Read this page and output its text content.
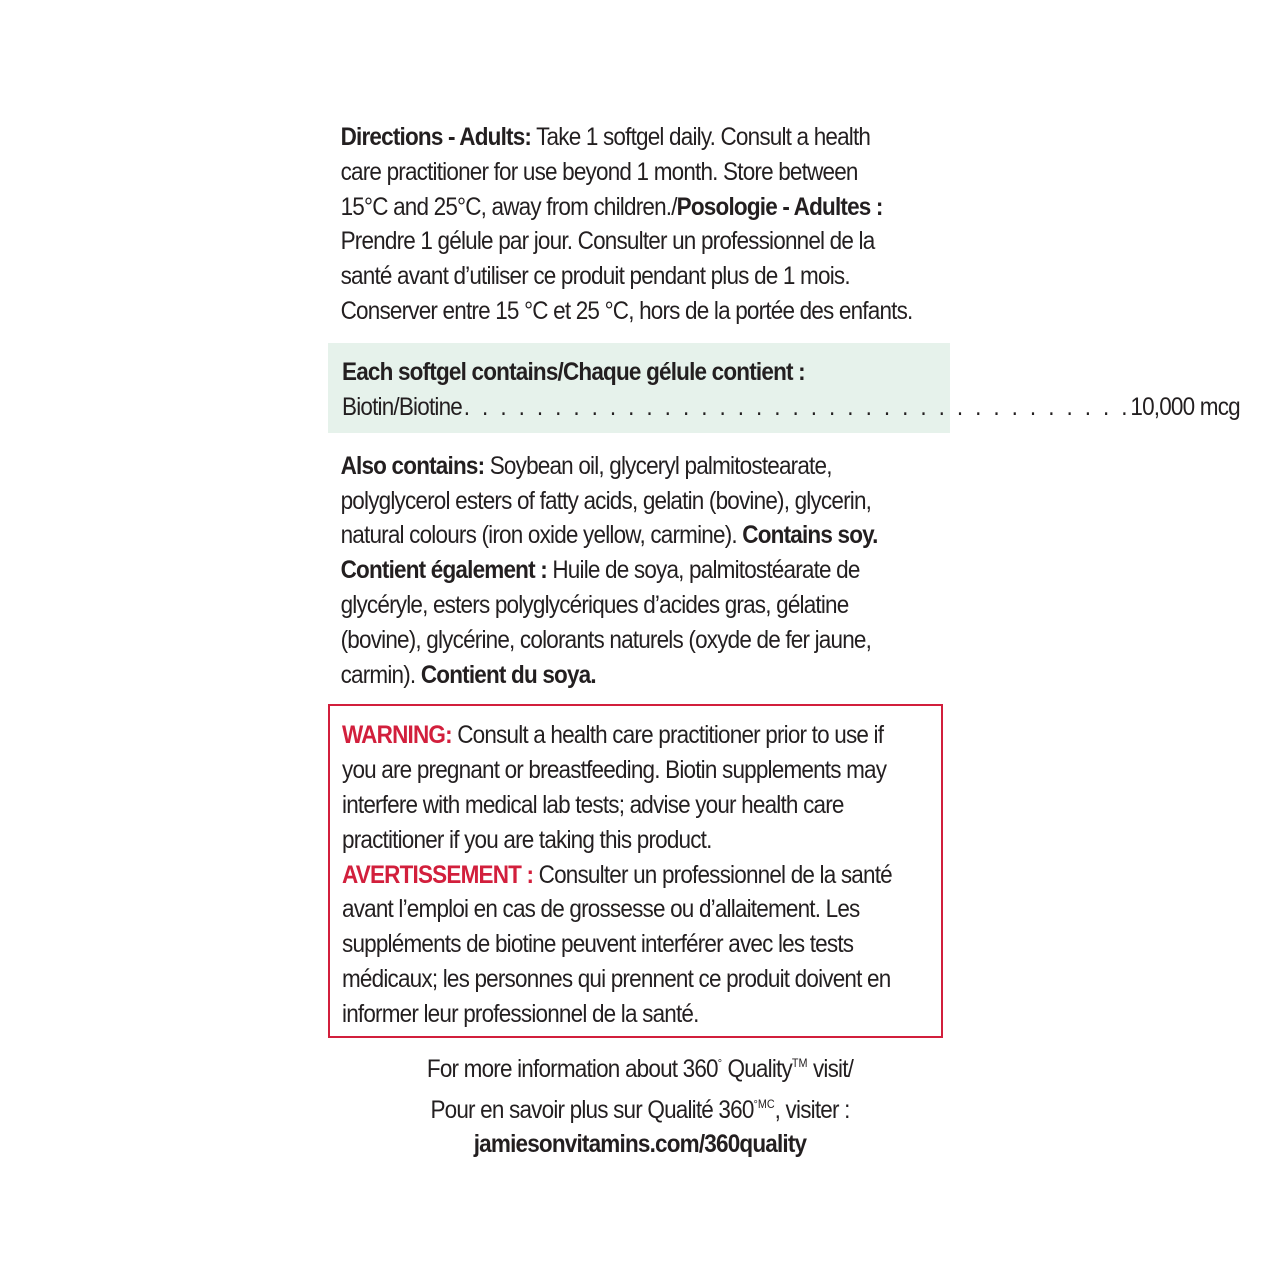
Directions - Adults: Take 1 softgel daily. Consult a health
care practitioner for use beyond 1 month. Store between
15°C and 25°C, away from children./Posologie - Adultes :
Prendre 1 gélule par jour. Consulter un professionnel de la
santé avant d’utiliser ce produit pendant plus de 1 mois.
Conserver entre 15 °C et 25 °C, hors de la portée des enfants.
Each softgel contains/Chaque gélule contient :
Biotin/Biotine . . . . . . . . . . . . . . . . . . . . . . . . . . . . . . . . . . . . . 10,000 mcg
Also contains: Soybean oil, glyceryl palmitostearate,
polyglycerol esters of fatty acids, gelatin (bovine), glycerin,
natural colours (iron oxide yellow, carmine). Contains soy.
Contient également : Huile de soya, palmitostéarate de
glycéryle, esters polyglycériques d’acides gras, gélatine
(bovine), glycérine, colorants naturels (oxyde de fer jaune,
carmin). Contient du soya.
WARNING: Consult a health care practitioner prior to use if
you are pregnant or breastfeeding. Biotin supplements may
interfere with medical lab tests; advise your health care
practitioner if you are taking this product.
AVERTISSEMENT : Consulter un professionnel de la santé
avant l’emploi en cas de grossesse ou d’allaitement. Les
suppléments de biotine peuvent interférer avec les tests
médicaux; les personnes qui prennent ce produit doivent en
informer leur professionnel de la santé.
For more information about 360° Quality™ visit/
Pour en savoir plus sur Qualité $360^{^\circ MC}$, visiter :
jamiesonvitamins.com/360quality
